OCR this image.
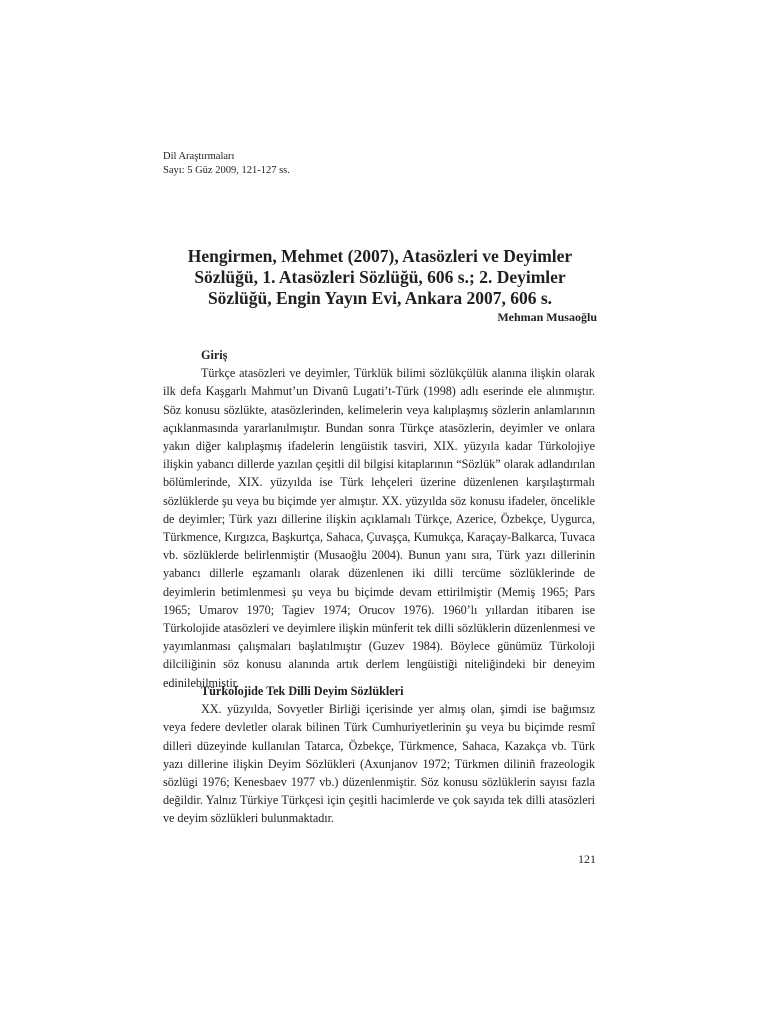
Dil Araştırmaları
Sayı: 5 Güz 2009, 121-127 ss.
Hengirmen, Mehmet (2007), Atasözleri ve Deyimler
Sözlüğü, 1. Atasözleri Sözlüğü, 606 s.; 2. Deyimler
Sözlüğü, Engin Yayın Evi, Ankara 2007, 606 s.
Mehman Musaoğlu
Giriş

Türkçe atasözleri ve deyimler, Türklük bilimi sözlükçülük alanına ilişkin olarak ilk defa Kaşgarlı Mahmut’un Divanû Lugati’t-Türk (1998) adlı eserinde ele alınmıştır. Söz konusu sözlükte, atasözlerinden, kelimelerin veya kalıplaşmış sözlerin anlamlarının açıklanmasında yararlanılmıştır. Bundan sonra Türkçe atasözlerin, deyimler ve onlara yakın diğer kalıplaşmış ifadelerin lengüistik tasviri, XIX. yüzyıla kadar Türkolojiye ilişkin yabancı dillerde yazılan çeşitli dil bilgisi kitaplarının “Sözlük” olarak adlandırılan bölümlerinde, XIX. yüzyılda ise Türk lehçeleri üzerine düzenlenen karşılaştırmalı sözlüklerde şu veya bu biçimde yer almıştır. XX. yüzyılda söz konusu ifadeler, öncelikle de deyimler; Türk yazı dillerine ilişkin açıklamalı Türkçe, Azerice, Özbekçe, Uygurca, Türkmence, Kırgızca, Başkurtça, Sahaca, Çuvaşça, Kumukça, Karaçay-Balkarca, Tuvaca vb. sözlüklerde belirlenmiştir (Musaoğlu 2004). Bunun yanı sıra, Türk yazı dillerinin yabancı dillerle eşzamanlı olarak düzenlenen iki dilli tercüme sözlüklerinde de deyimlerin betimlenmesi şu veya bu biçimde devam ettirilmiştir (Memiş 1965; Pars 1965; Umarov 1970; Tagiev 1974; Orucov 1976). 1960’lı yıllardan itibaren ise Türkolojide atasözleri ve deyimlere ilişkin münferit tek dilli sözlüklerin düzenlenmesi ve yayımlanması çalışmaları başlatılmıştır (Guzev 1984). Böylece günümüz Türkoloji dilciliğinin söz konusu alanında artık derlem lengüistiği niteliğindeki bir deneyim edinilebilmiştir.

Türkolojide Tek Dilli Deyim Sözlükleri

XX. yüzyılda, Sovyetler Birliği içerisinde yer almış olan, şimdi ise bağımsız veya federe devletler olarak bilinen Türk Cumhuriyetlerinin şu veya bu biçimde resmî dilleri düzeyinde kullanılan Tatarca, Özbekçe, Türkmence, Sahaca, Kazakça vb. Türk yazı dillerine ilişkin Deyim Sözlükleri (Axunjanov 1972; Türkmen diliniñ frazeologik sözlügi 1976; Kenesbaev 1977 vb.) düzenlenmiştir. Söz konusu sözlüklerin sayısı fazla değildir. Yalnız Türkiye Türkçesi için çeşitli hacimlerde ve çok sayıda tek dilli atasözleri ve deyim sözlükleri bulunmaktadır.

121
